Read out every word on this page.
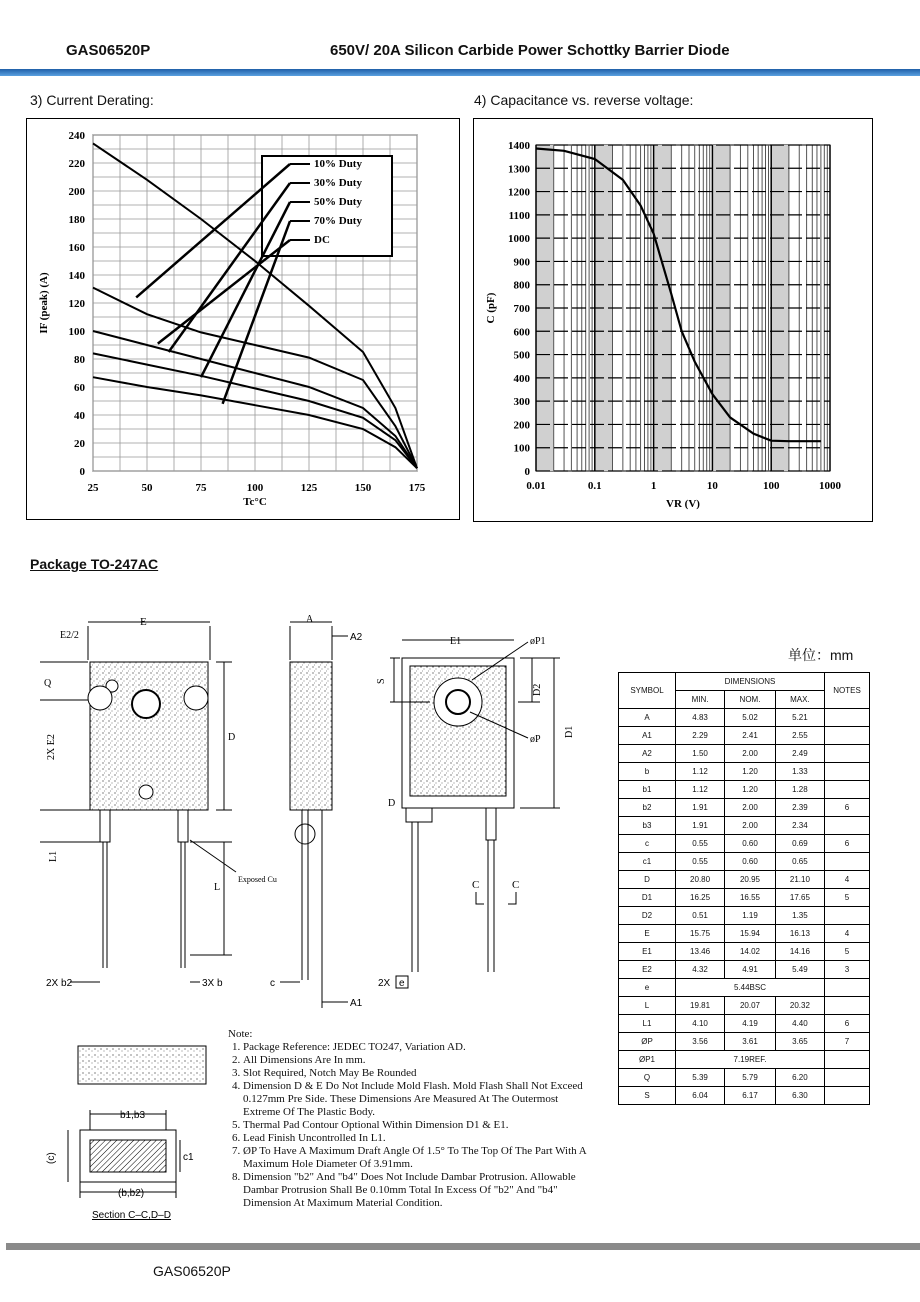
GAS06520P	650V/ 20A Silicon Carbide Power Schottky Barrier Diode
3) Current Derating:	4) Capacitance vs. reverse voltage:
25	50	75	100	125	150	175
0
20
40
60
80
100
120
140
160
180
200
220
240
Tc°C
IF (peak) (A)
10% Duty
30% Duty
50% Duty
70% Duty
DC
0.01	0.1	1	10	100	1000
0
100
200
300
400
500
600
700
800
900
1000
1100
1200
1300
1400
VR (V)
C (pF)
Package TO-247AC
E
E2/2
Q
2X E2	D
L1
L
2X b2	3X b
Exposed Cu
A
A2
c
A1
E1	øP1
S
D2
D1
øP
D
C	C
2X e
单位：mm
SYMBOL	DIMENSIONS			NOTES
	MIN.	NOM.	MAX.	
A	4.83	5.02	5.21	
A1	2.29	2.41	2.55	
A2	1.50	2.00	2.49	
b	1.12	1.20	1.33	
b1	1.12	1.20	1.28	
b2	1.91	2.00	2.39	6
b3	1.91	2.00	2.34	
c	0.55	0.60	0.69	6
c1	0.55	0.60	0.65	
D	20.80	20.95	21.10	4
D1	16.25	16.55	17.65	5
D2	0.51	1.19	1.35	
E	15.75	15.94	16.13	4
E1	13.46	14.02	14.16	5
E2	4.32	4.91	5.49	3
e	5.44BSC			
L	19.81	20.07	20.32	
L1	4.10	4.19	4.40	6
ØP	3.56	3.61	3.65	7
ØP1	7.19REF.			
Q	5.39	5.79	6.20	
S	6.04	6.17	6.30	
b1,b3
(c)	c1
(b,b2)
Section C–C,D–D
Note:
1. Package Reference: JEDEC TO247, Variation AD.
2. All Dimensions Are In mm.
3. Slot Required, Notch May Be Rounded
4. Dimension D & E Do Not Include Mold Flash. Mold Flash Shall Not Exceed 0.127mm Pre Side. These Dimensions Are Measured At The Outermost Extreme Of The Plastic Body.
5. Thermal Pad Contour Optional Within Dimension D1 & E1.
6. Lead Finish Uncontrolled In L1.
7. ØP To Have A Maximum Draft Angle Of 1.5° To The Top Of The Part With A Maximum Hole Diameter Of 3.91mm.
8. Dimension "b2" And "b4" Does Not Include Dambar Protrusion. Allowable Dambar Protrusion Shall Be 0.10mm Total In Excess Of "b2" And "b4" Dimension At Maximum Material Condition.
GAS06520P
